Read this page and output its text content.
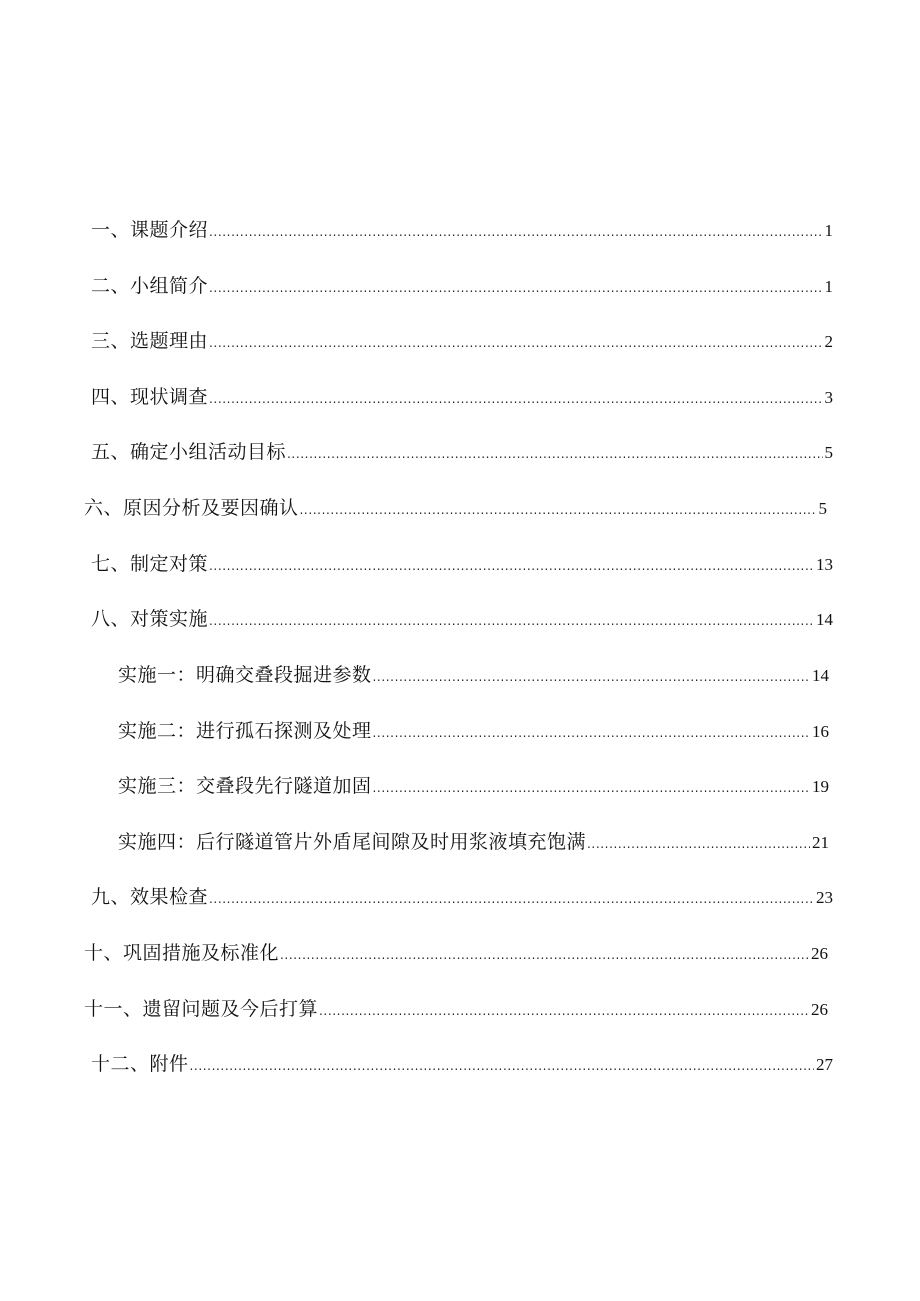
一、课题介绍 .....	1
二、小组简介 .....	1
三、选题理由 .....	2
四、现状调查 .....	3
五、确定小组活动目标 .....	5
六、原因分析及要因确认 .....	5
七、制定对策 .....	13
八、对策实施 .....	14
实施一：明确交叠段掘进参数 .....	14
实施二：进行孤石探测及处理 .....	16
实施三：交叠段先行隧道加固 .....	19
实施四：后行隧道管片外盾尾间隙及时用浆液填充饱满 .....	21
九、效果检查 .....	23
十、巩固措施及标准化 .....	26
十一、遗留问题及今后打算 .....	26
十二、附件 .....	27
